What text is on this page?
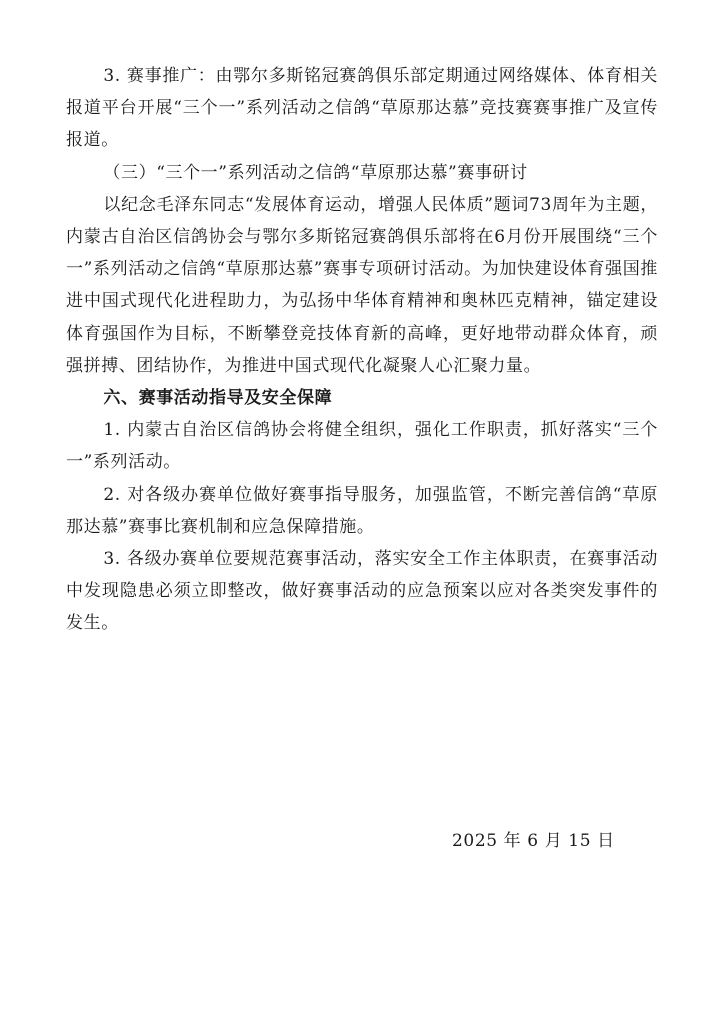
3. 赛事推广：由鄂尔多斯铭冠赛鸽俱乐部定期通过网络媒体、体育相关报道平台开展“三个一”系列活动之信鸽“草原那达慕”竞技赛赛事推广及宣传报道。

（三）“三个一”系列活动之信鸽“草原那达慕”赛事研讨

以纪念毛泽东同志“发展体育运动，增强人民体质”题词73周年为主题，内蒙古自治区信鸽协会与鄂尔多斯铭冠赛鸽俱乐部将在6月份开展围绕“三个一”系列活动之信鸽“草原那达慕”赛事专项研讨活动。为加快建设体育强国推进中国式现代化进程助力，为弘扬中华体育精神和奥林匹克精神，锚定建设体育强国作为目标，不断攀登竞技体育新的高峰，更好地带动群众体育，顽强拼搏、团结协作，为推进中国式现代化凝聚人心汇聚力量。

六、赛事活动指导及安全保障

1. 内蒙古自治区信鸽协会将健全组织，强化工作职责，抓好落实“三个一”系列活动。

2. 对各级办赛单位做好赛事指导服务，加强监管，不断完善信鸽“草原那达慕”赛事比赛机制和应急保障措施。

3. 各级办赛单位要规范赛事活动，落实安全工作主体职责，在赛事活动中发现隐患必须立即整改，做好赛事活动的应急预案以应对各类突发事件的发生。

2025 年 6 月 15 日
